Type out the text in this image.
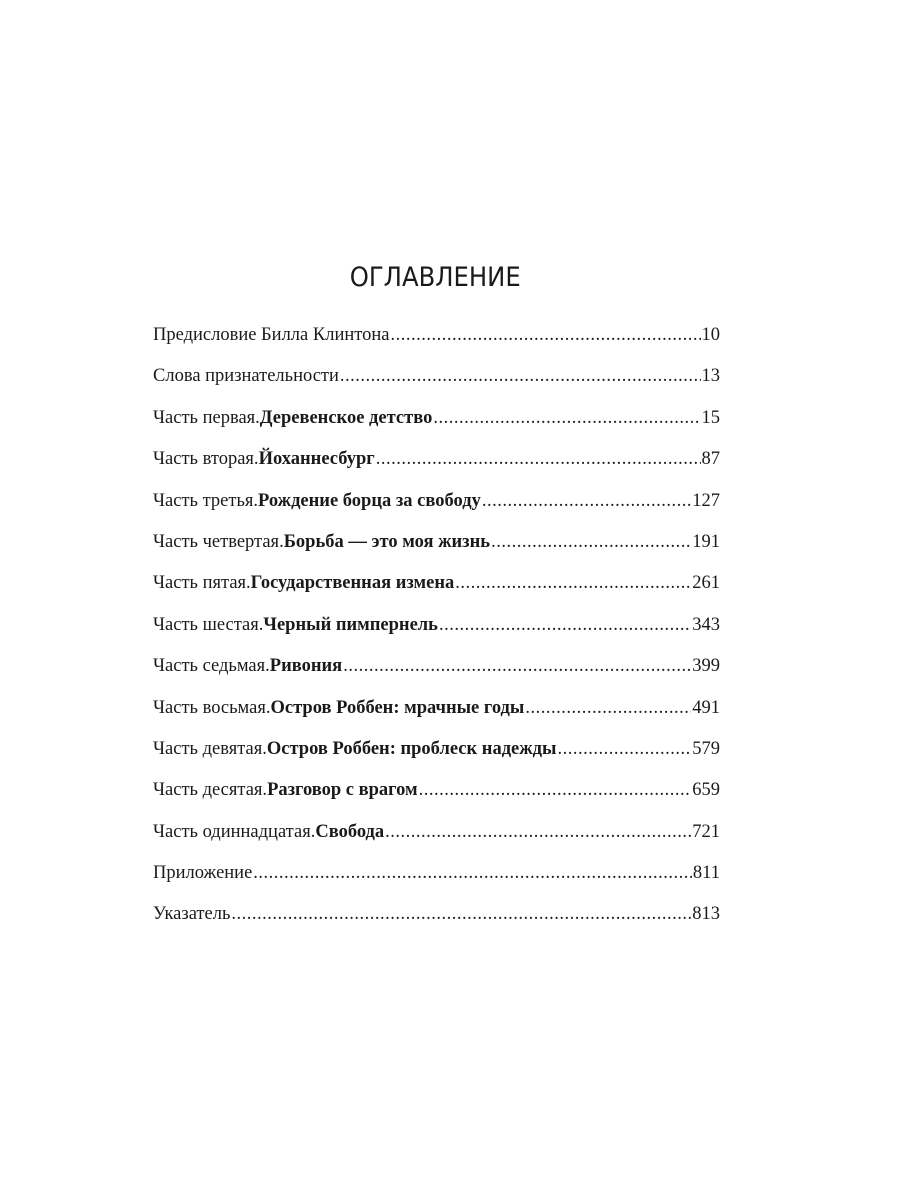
ОГЛАВЛЕНИЕ
Предисловие Билла Клинтона .....	10
Слова признательности .....	13
Часть первая. Деревенское детство .....	15
Часть вторая. Йоханнесбург .....	87
Часть третья. Рождение борца за свободу .....	127
Часть четвертая. Борьба — это моя жизнь .....	191
Часть пятая. Государственная измена .....	261
Часть шестая. Черный пимпернель .....	343
Часть седьмая. Ривония .....	399
Часть восьмая. Остров Роббен: мрачные годы .....	491
Часть девятая. Остров Роббен: проблеск надежды .....	579
Часть десятая. Разговор с врагом .....	659
Часть одиннадцатая. Свобода .....	721
Приложение .....	811
Указатель .....	813
